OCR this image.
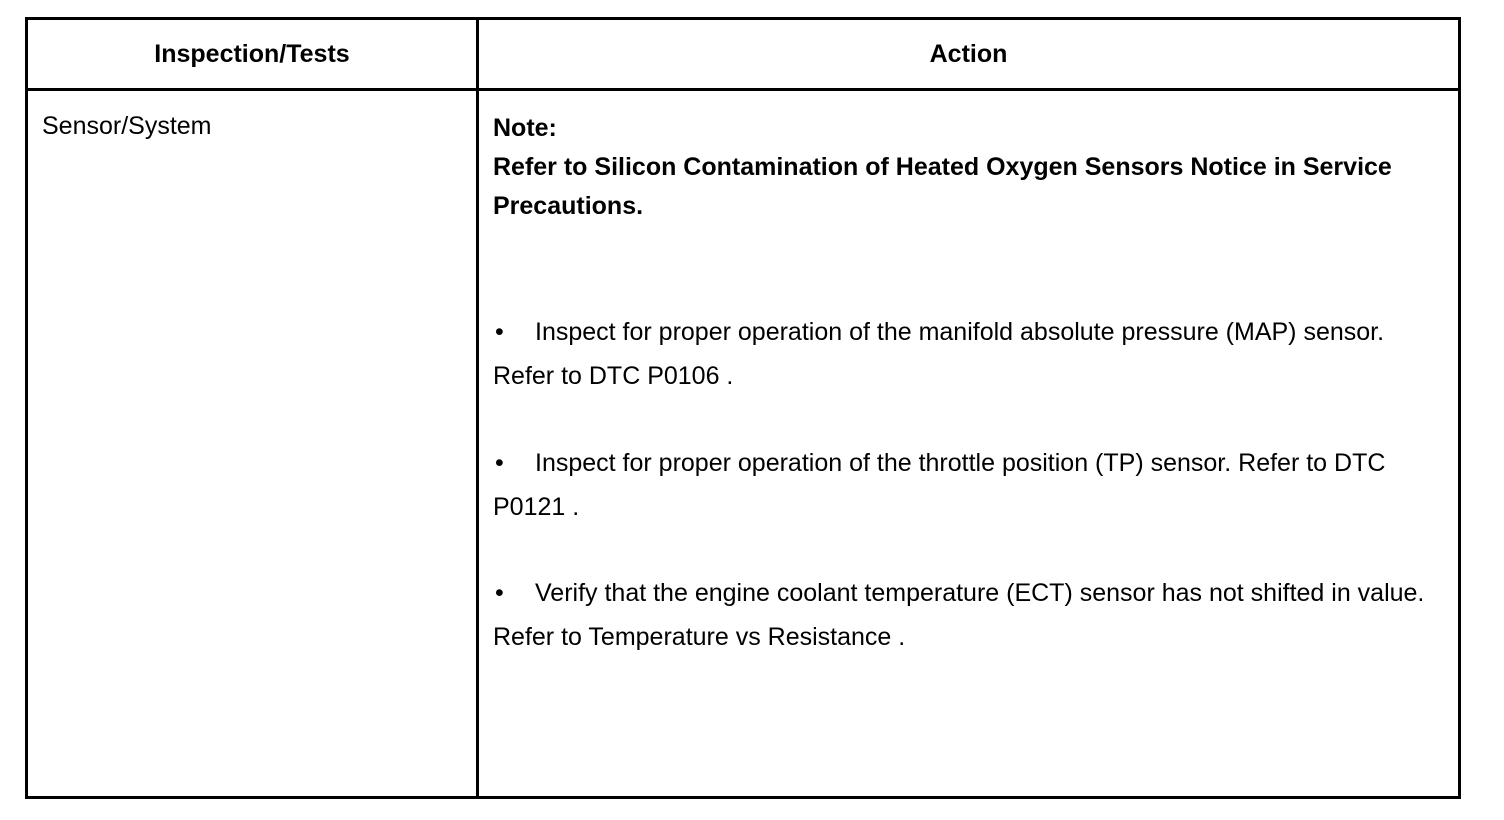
Inspection/Tests	Action
Sensor/System	Note:
Refer to Silicon Contamination of Heated Oxygen Sensors Notice in Service Precautions.
• Inspect for proper operation of the manifold absolute pressure (MAP) sensor. Refer to DTC P0106 .
• Inspect for proper operation of the throttle position (TP) sensor. Refer to DTC P0121 .
• Verify that the engine coolant temperature (ECT) sensor has not shifted in value. Refer to Temperature vs Resistance .
